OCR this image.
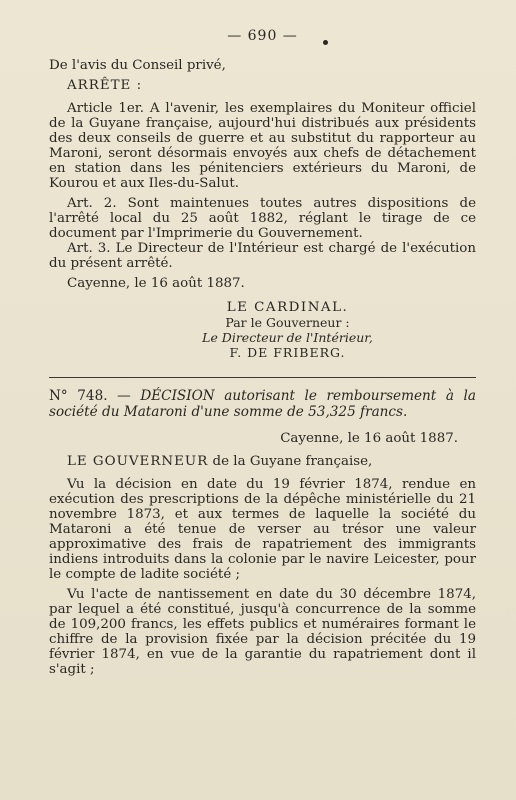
— 690 —

De l'avis du Conseil privé,

ARRÊTE :

Article 1er. A l'avenir, les exemplaires du Moniteur officiel de la Guyane française, aujourd'hui distribués aux présidents des deux conseils de guerre et au substitut du rapporteur au Maroni, seront désormais envoyés aux chefs de détachement en station dans les pénitenciers extérieurs du Maroni, de Kourou et aux Iles-du-Salut.

Art. 2. Sont maintenues toutes autres dispositions de l'arrêté local du 25 août 1882, réglant le tirage de ce document par l'Imprimerie du Gouvernement.

Art. 3. Le Directeur de l'Intérieur est chargé de l'exécution du présent arrêté.

Cayenne, le 16 août 1887.

LE CARDINAL.
Par le Gouverneur :
Le Directeur de l'Intérieur,
F. DE FRIBERG.

N° 748. — DÉCISION autorisant le remboursement à la société du Mataroni d'une somme de 53,325 francs.

Cayenne, le 16 août 1887.

LE GOUVERNEUR de la Guyane française,

Vu la décision en date du 19 février 1874, rendue en exécution des prescriptions de la dépêche ministérielle du 21 novembre 1873, et aux termes de laquelle la société du Mataroni a été tenue de verser au trésor une valeur approximative des frais de rapatriement des immigrants indiens introduits dans la colonie par le navire Leicester, pour le compte de ladite société ;

Vu l'acte de nantissement en date du 30 décembre 1874, par lequel a été constitué, jusqu'à concurrence de la somme de 109,200 francs, les effets publics et numéraires formant le chiffre de la provision fixée par la décision précitée du 19 février 1874, en vue de la garantie du rapatriement dont il s'agit ;
